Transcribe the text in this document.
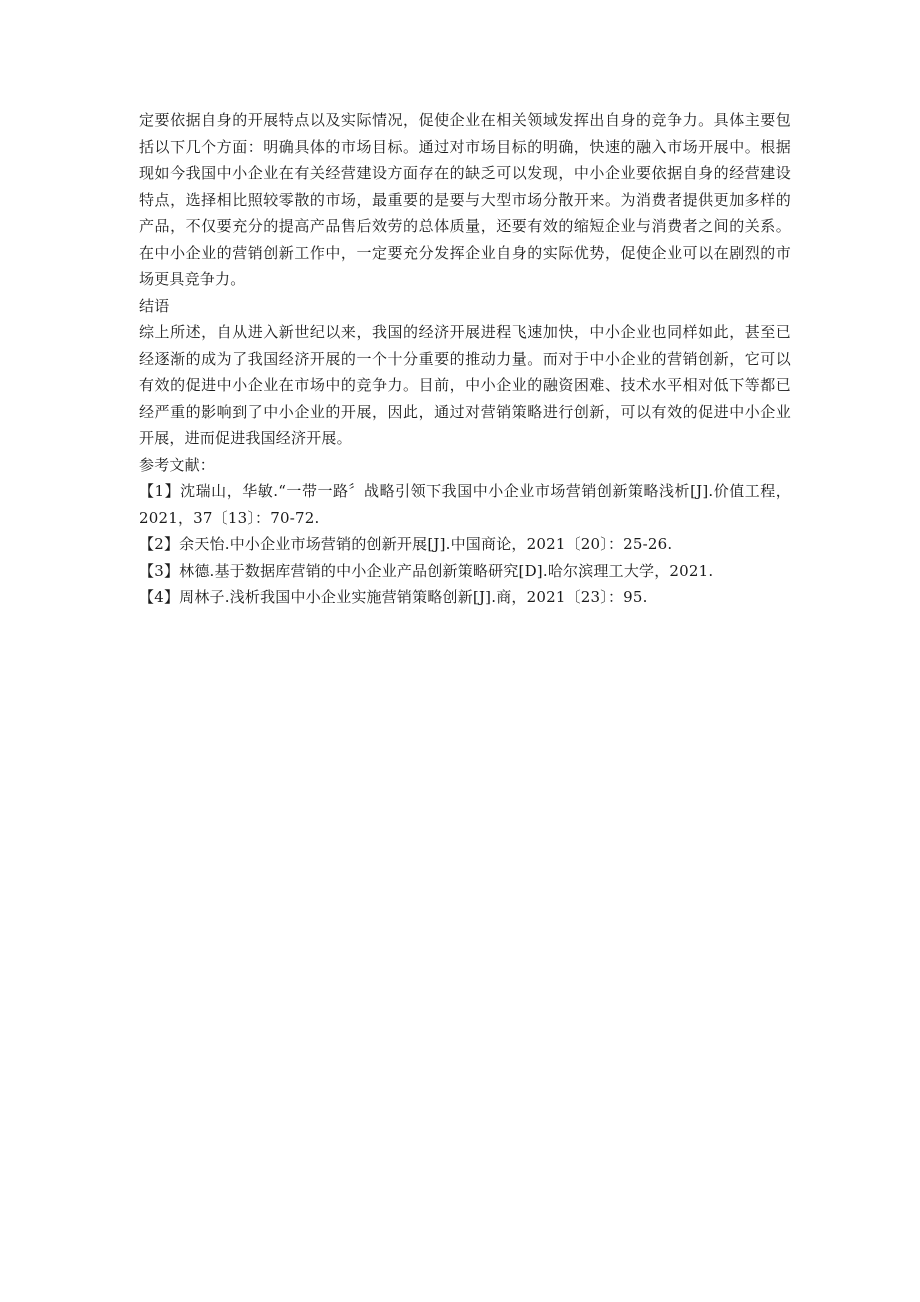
定要依据自身的开展特点以及实际情况，促使企业在相关领域发挥出自身的竞争力。具体主要包括以下几个方面：明确具体的市场目标。通过对市场目标的明确，快速的融入市场开展中。根据现如今我国中小企业在有关经营建设方面存在的缺乏可以发现，中小企业要依据自身的经营建设特点，选择相比照较零散的市场，最重要的是要与大型市场分散开来。为消费者提供更加多样的产品，不仅要充分的提高产品售后效劳的总体质量，还要有效的缩短企业与消费者之间的关系。在中小企业的营销创新工作中，一定要充分发挥企业自身的实际优势，促使企业可以在剧烈的市场更具竞争力。

结语

综上所述，自从进入新世纪以来，我国的经济开展进程飞速加快，中小企业也同样如此，甚至已经逐渐的成为了我国经济开展的一个十分重要的推动力量。而对于中小企业的营销创新，它可以有效的促进中小企业在市场中的竞争力。目前，中小企业的融资困难、技术水平相对低下等都已经严重的影响到了中小企业的开展，因此，通过对营销策略进行创新，可以有效的促进中小企业开展，进而促进我国经济开展。

参考文献：

【1】沈瑞山，华敏.“一带一路〞战略引领下我国中小企业市场营销创新策略浅析[J].价值工程，2021，37〔13〕：70-72.

【2】余天怡.中小企业市场营销的创新开展[J].中国商论，2021〔20〕：25-26.

【3】林德.基于数据库营销的中小企业产品创新策略研究[D].哈尔滨理工大学，2021.

【4】周林子.浅析我国中小企业实施营销策略创新[J].商，2021〔23〕：95.
